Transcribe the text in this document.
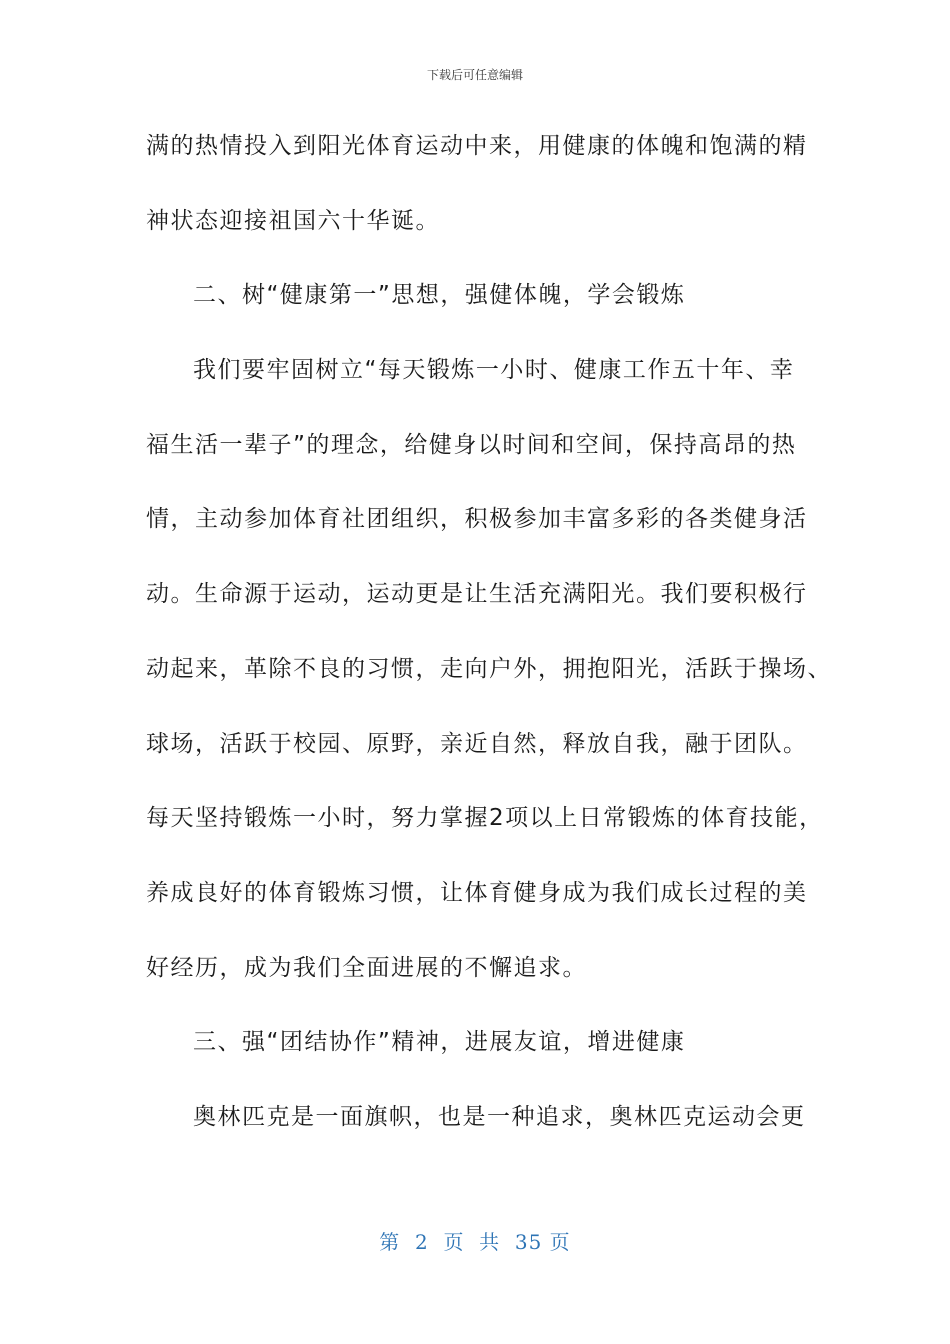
下载后可任意编辑
满的热情投入到阳光体育运动中来，用健康的体魄和饱满的精
神状态迎接祖国六十华诞。
二、树“健康第一”思想，强健体魄，学会锻炼
我们要牢固树立“每天锻炼一小时、健康工作五十年、幸
福生活一辈子”的理念，给健身以时间和空间，保持高昂的热
情，主动参加体育社团组织，积极参加丰富多彩的各类健身活
动。生命源于运动，运动更是让生活充满阳光。我们要积极行
动起来，革除不良的习惯，走向户外，拥抱阳光，活跃于操场、
球场，活跃于校园、原野，亲近自然，释放自我，融于团队。
每天坚持锻炼一小时，努力掌握2项以上日常锻炼的体育技能，
养成良好的体育锻炼习惯，让体育健身成为我们成长过程的美
好经历，成为我们全面进展的不懈追求。
三、强“团结协作”精神，进展友谊，增进健康
奥林匹克是一面旗帜，也是一种追求，奥林匹克运动会更
第  2  页  共  35 页
